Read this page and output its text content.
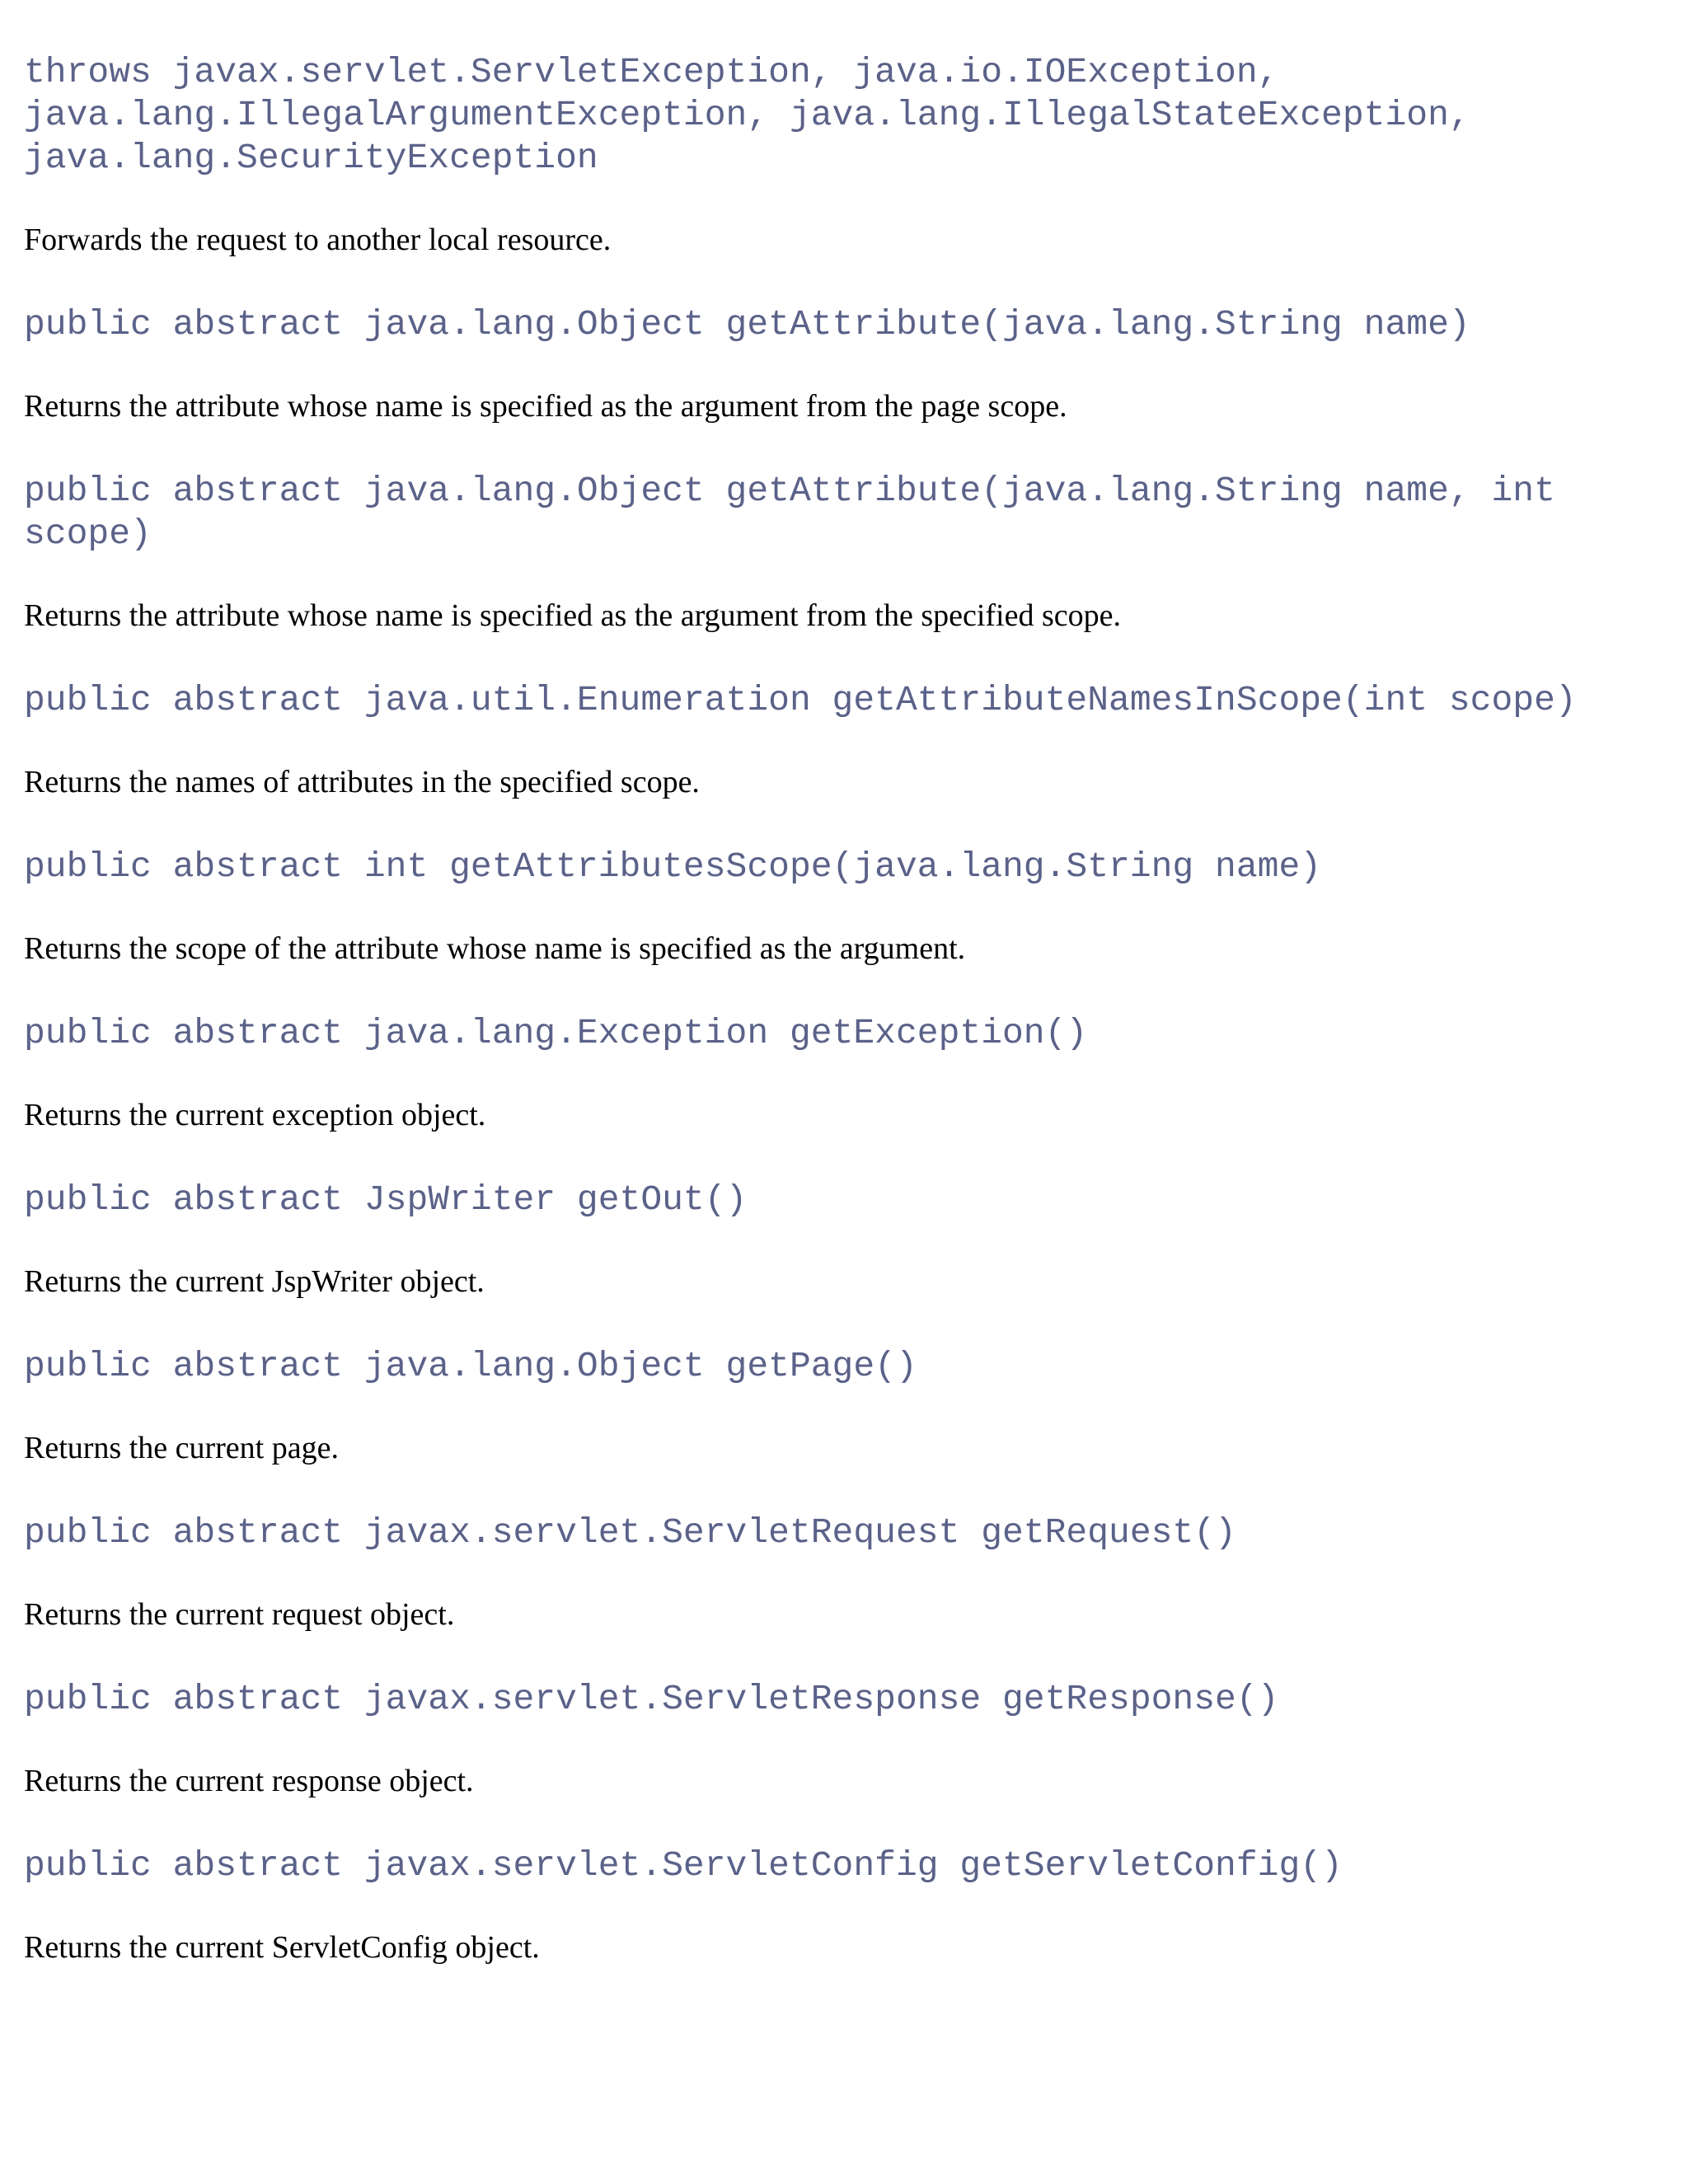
throws javax.servlet.ServletException, java.io.IOException,
java.lang.IllegalArgumentException, java.lang.IllegalStateException,
java.lang.SecurityException

Forwards the request to another local resource.

public abstract java.lang.Object getAttribute(java.lang.String name)

Returns the attribute whose name is specified as the argument from the page scope.

public abstract java.lang.Object getAttribute(java.lang.String name, int scope)

Returns the attribute whose name is specified as the argument from the specified scope.

public abstract java.util.Enumeration getAttributeNamesInScope(int scope)

Returns the names of attributes in the specified scope.

public abstract int getAttributesScope(java.lang.String name)

Returns the scope of the attribute whose name is specified as the argument.

public abstract java.lang.Exception getException()

Returns the current exception object.

public abstract JspWriter getOut()

Returns the current JspWriter object.

public abstract java.lang.Object getPage()

Returns the current page.

public abstract javax.servlet.ServletRequest getRequest()

Returns the current request object.

public abstract javax.servlet.ServletResponse getResponse()

Returns the current response object.

public abstract javax.servlet.ServletConfig getServletConfig()

Returns the current ServletConfig object.
